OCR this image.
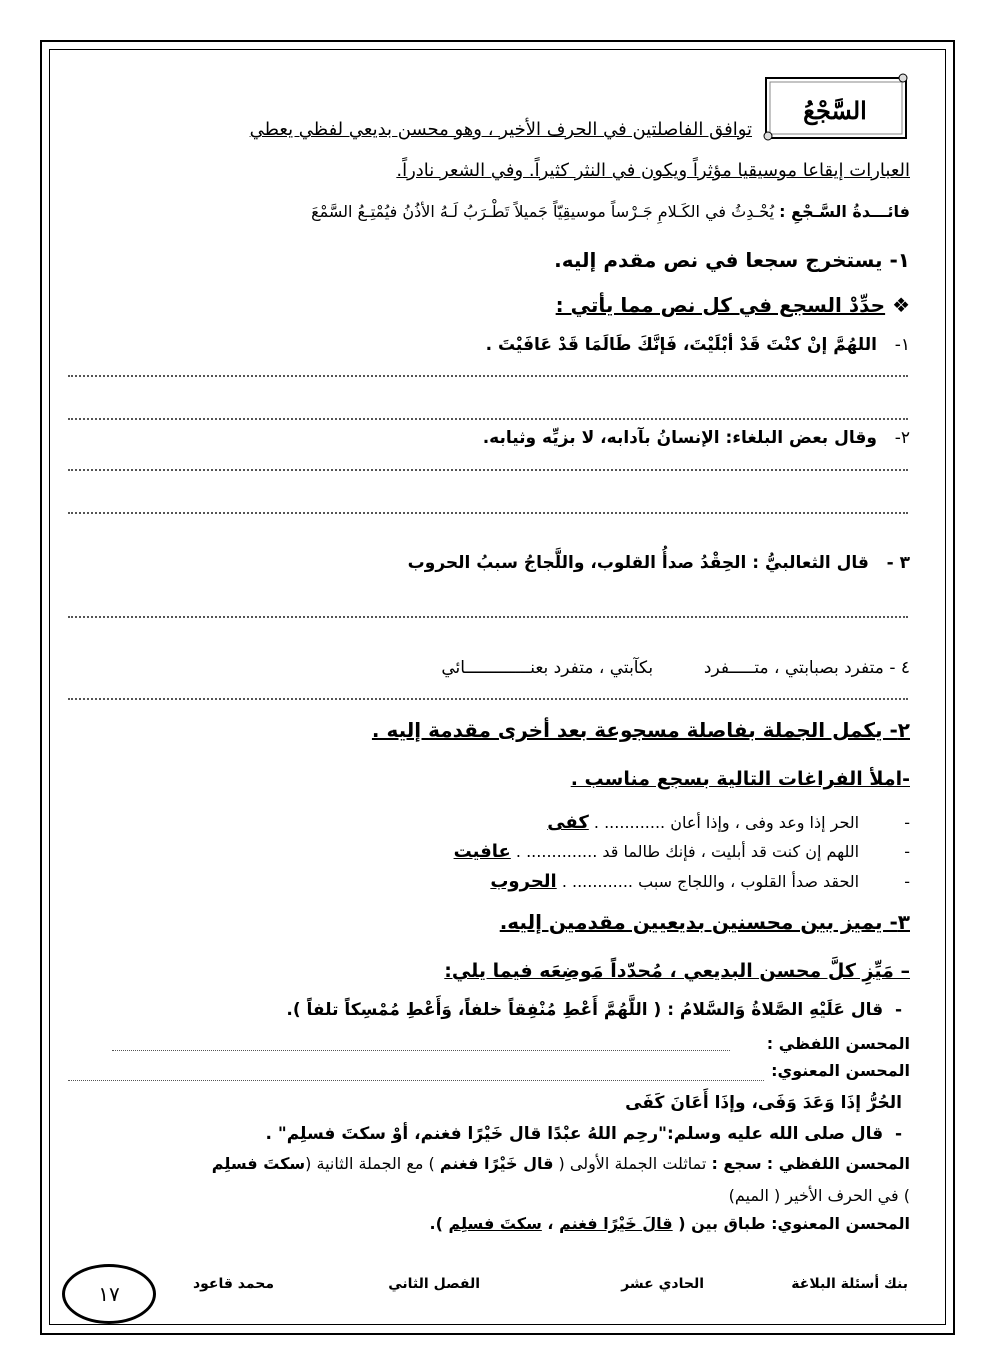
السَّجْعُ
توافق الفاصلتين في الحرف الأخير ، وهو محسن بديعي لفظي يعطي
العبارات إيقاعا موسيقيا مؤثراً ويكون في النثر كثيراً. وفي الشعر نادراً.
فائـــدةُ السَّـجْعِ : يُحْـدِثُ في الكَـلامِ جَـرْساً موسيقِيّاً جَميلاً تَطْـرَبُ لَـهُ الأذُنُ فيُمْتِـعُ السَّمْعَ
١- يستخرج سجعا في نص مقدم إليه.
❖ حدِّدْ السجع في كل نص مما يأتي :
١-   اللهُمَّ إنْ كنْتَ قَدْ أبْلَيْتَ، فَإنَّكَ طَالَمَا قَدْ عَافَيْتَ .
٢-   وقال بعض البلغاء: الإنسانُ بآدابه، لا بزيِّه وثيابه.
٣ -   قال الثعالبيُّ : الحِقْدُ صدأُ القلوب، واللَّجاجُ سببُ الحروب
٤ - متفرد بصبابتي ، متـــــفرد  بكآبتي ، متفرد بعنـــــــــــــائي
٢- يكمل الجملة بفاصلة مسجوعة بعد أخرى مقدمة إليه .
-املأ الفراغات التالية بسجع مناسب .
- الحر إذا وعد وفى ، وإذا أعان ............ . كفى
- اللهم إن كنت قد أبليت ، فإنك طالما قد .............. . عافيت
- الحقد صدأ القلوب ، واللجاج سبب ............ . الحروب
٣- يميز بين محسنين بديعيين مقدمين إليه.
– مَيِّزِ كلَّ محسن البديعي ، مُحدّداً مَوضِعَه فيما يلي:
-  قال عَلَيْهِ الصَّلاةُ وَالسَّلامُ : ( اللَّهُمَّ أَعْطِ مُنْفِقاً خلفاً، وَأَعْطِ مُمْسِكاً تلفاً ).
المحسن اللفظي :
المحسن المعنوي:
الحُرُّ إذَا وَعَدَ وَفَى، وإذَا أَعَانَ كَفَى
-  قال صلى الله عليه وسلم:"رحِم اللهُ عبْدًا قال خَيْرًا فغنم، أوْ سكتَ فسلِم" .
المحسن اللفظي : سجع : تماثلت الجملة الأولى ( قال خَيْرًا فغنم ) مع الجملة الثانية (سكتَ فسلِم
) في الحرف الأخير ( الميم)
المحسن المعنوي: طباق بين ( قالَ خَيْرًا فغنم ، سكتَ فسلِم ).
بنك أسئلة البلاغة
الحادي عشر
الفصل الثاني
محمد قاعود
١٧
